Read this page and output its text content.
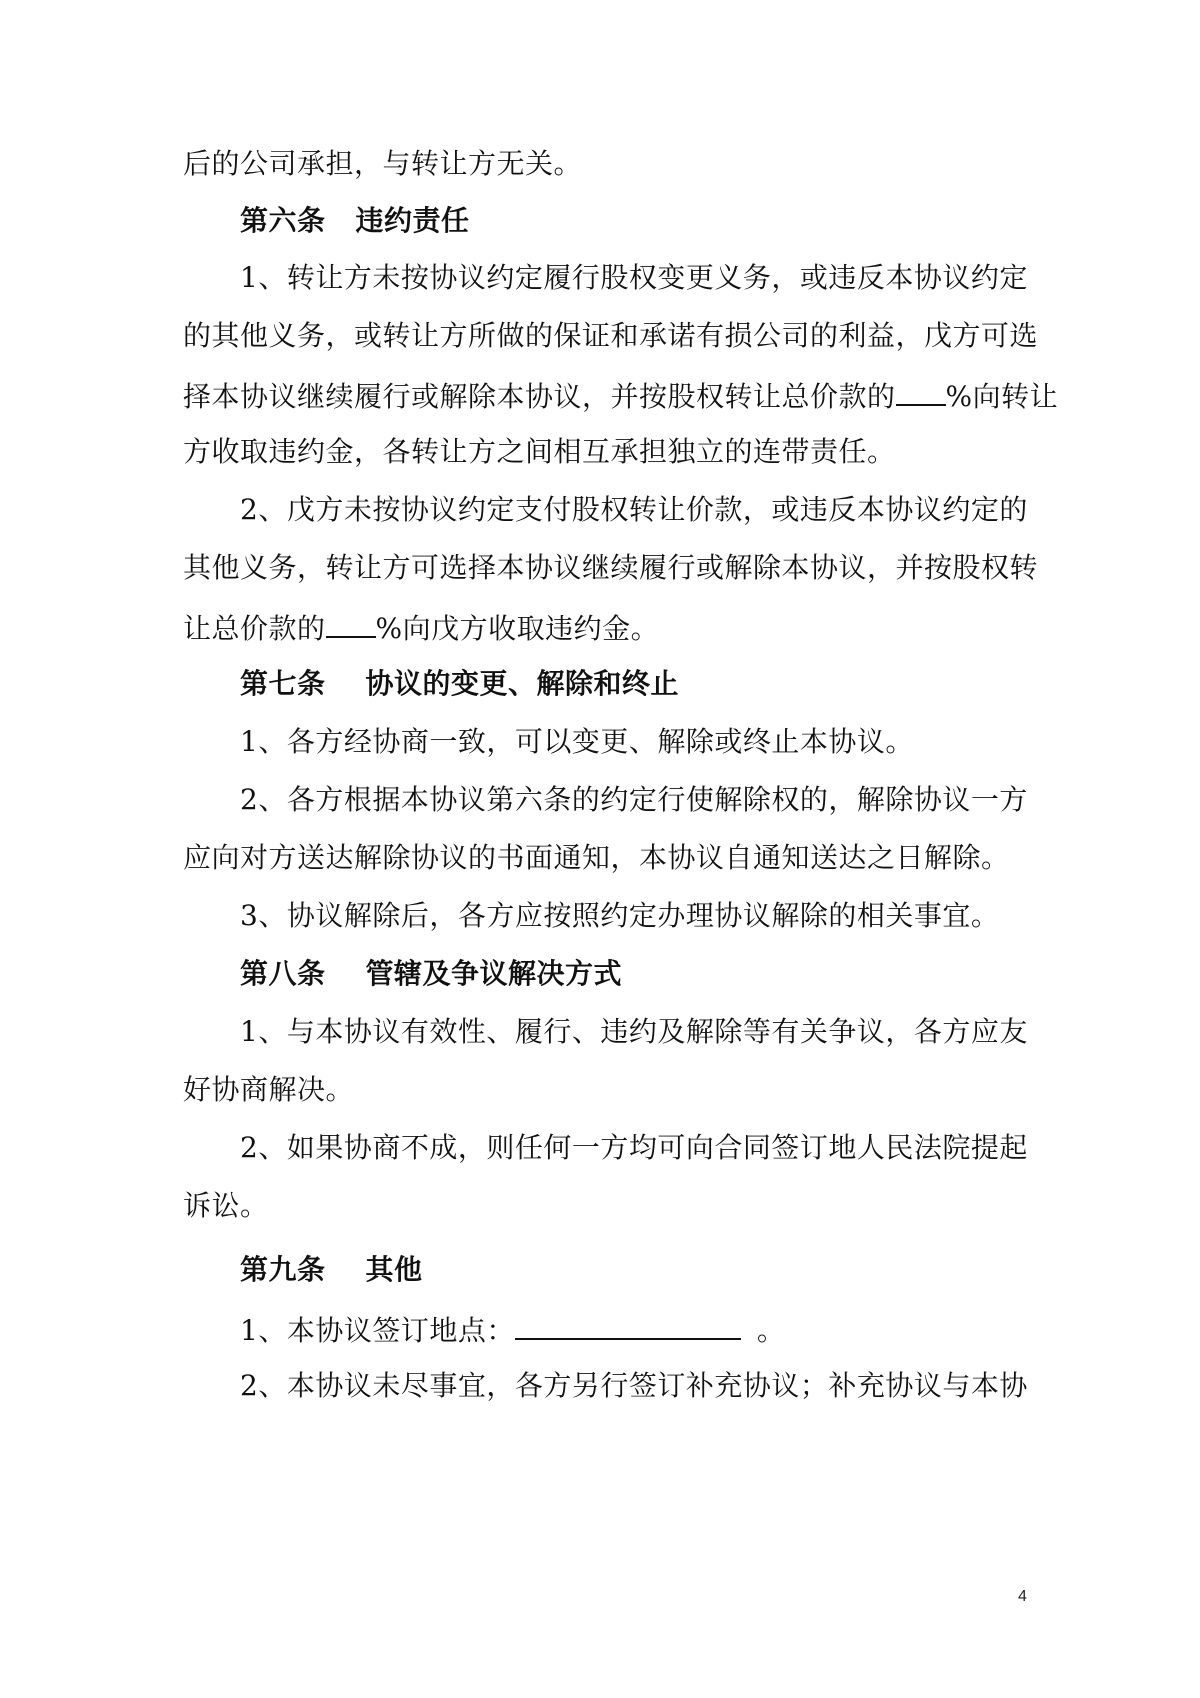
后的公司承担，与转让方无关。
第六条 违约责任
1、转让方未按协议约定履行股权变更义务，或违反本协议约定
的其他义务，或转让方所做的保证和承诺有损公司的利益，戊方可选
择本协议继续履行或解除本协议，并按股权转让总价款的 %向转让
方收取违约金，各转让方之间相互承担独立的连带责任。
2、戊方未按协议约定支付股权转让价款，或违反本协议约定的
其他义务，转让方可选择本协议继续履行或解除本协议，并按股权转
让总价款的 %向戊方收取违约金。
第七条 协议的变更、解除和终止
1、各方经协商一致，可以变更、解除或终止本协议。
2、各方根据本协议第六条的约定行使解除权的，解除协议一方
应向对方送达解除协议的书面通知，本协议自通知送达之日解除。
3、协议解除后，各方应按照约定办理协议解除的相关事宜。
第八条 管辖及争议解决方式
1、与本协议有效性、履行、违约及解除等有关争议，各方应友
好协商解决。
2、如果协商不成，则任何一方均可向合同签订地人民法院提起
诉讼。
第九条 其他
1、本协议签订地点：	。
2、本协议未尽事宜，各方另行签订补充协议；补充协议与本协
4
